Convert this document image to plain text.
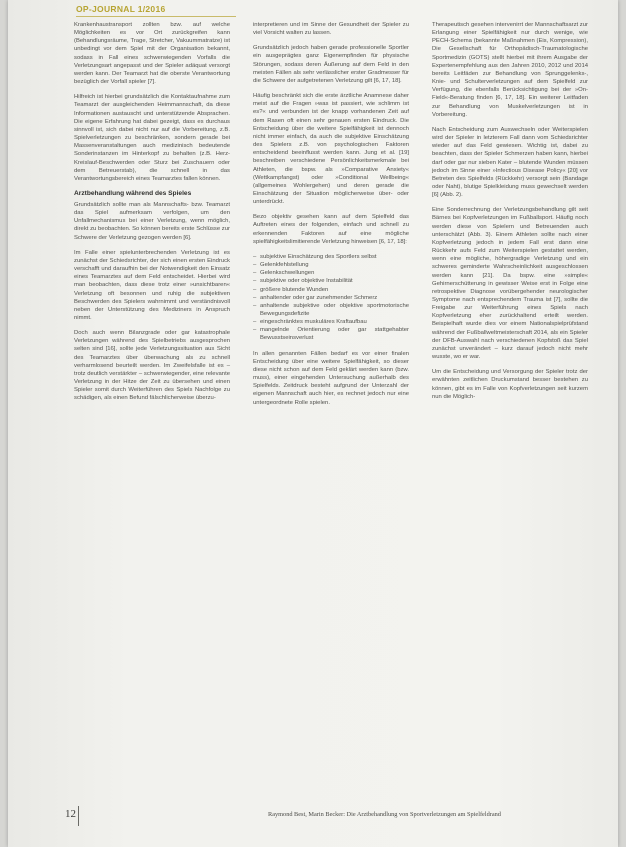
OP-JOURNAL 1/2016

Krankenhaustransport zollten bzw. auf welche Möglichkeiten es vor Ort zurückgreifen kann (Behandlungsräume, Trage, Stretcher, Vakuummatratze) ist unbedingt vor dem Spiel mit der Organisation bekannt, sodass in Fall eines schwerwiegenden Vorfalls die Verletzungsart angepasst und der Spieler adäquat versorgt werden kann. Der Teamarzt hat die oberste Verantwortung bezüglich der Vorfall spieler [7].

Hilfreich ist hierbei grundsätzlich die Kontaktaufnahme zum Teamarzt der ausgleichenden Heimmannschaft, da diese Informationen austauscht und unterstützende Absprachen. Die eigene Erfahrung hat dabei gezeigt, dass es durchaus sinnvoll ist, sich dabei nicht nur auf die Vorbereitung, z.B. Spielverletzungen zu beschränken, sondern gerade bei Massenveranstaltungen auch medizinisch bedeutende Sonderinstanzen im Hinterkopf zu behalten (z.B. Herz-Kreislauf-Beschwerden oder Sturz bei Zuschauern oder dem Betreuerstab), die schnell in das Verantwortungsbereich eines Teamarztes fallen können.

Arztbehandlung während des Spieles

Grundsätzlich sollte man als Mannschafts- bzw. Teamarzt das Spiel aufmerksam verfolgen, um den Unfallmechanismus bei einer Verletzung, wenn möglich, direkt zu beobachten. So können bereits erste Schlüsse zur Schwere der Verletzung gezogen werden [6].

Im Falle einer spielunterbrechenden Verletzung ist es zunächst der Schiedsrichter, der sich einen ersten Eindruck verschafft und daraufhin bei der Notwendigkeit den Einsatz eines Teamarztes auf dem Feld entscheidet. Hierbei wird man beobachten, dass diese trotz einer »unsichtbaren« Verletzung oft besonnen und ruhig die subjektiven Beschwerden des Spielers wahrnimmt und verständnisvoll neben der Unterstützung des Mediziners in Anspruch nimmt.

Doch auch wenn Bilanzgrade oder gar katastrophale Verletzungen während des Spielbetriebs ausgesprochen selten sind [16], sollte jede Verletzungssituation aus Sicht des Teamarztes über überwachung als zu schnell verharmlosend beurteilt werden. Im Zweifelsfalle ist es – trotz deutlich verstärkter – schwerwiegender, eine relevante Verletzung in der Hitze der Zeit zu übersehen und einen Spieler somit durch Weiterführen des Spiels Nachfolge zu schädigen, als einen Befund fälschlicherweise überzu-

interpretieren und im Sinne der Gesundheit der Spieler zu viel Vorsicht walten zu lassen.

Grundsätzlich jedoch haben gerade professionelle Sportler ein ausgeprägtes ganz Eigenempfinden für physische Störungen, sodass deren Äußerung auf dem Feld in den meisten Fällen als sehr verlässlicher erster Gradmesser für die Schwere der aufgetretenen Verletzung gilt [6, 17, 18].

Häufig beschränkt sich die erste ärztliche Anamnese daher meist auf die Fragen »was ist passiert, wie schlimm ist es?« und verbunden ist der knapp vorhandenen Zeit auf dem Rasen oft einen sehr genauen ersten Eindruck. Die Entscheidung über die weitere Spielfähigkeit ist dennoch nicht immer einfach, da auch die subjektive Einschätzung des Spielers z.B. von psychologischen Faktoren entscheidend beeinflusst werden kann. Jung et al. [19] beschreiben verschiedene Persönlichkeitsmerkmale bei Athleten, die bspw. als »Comparative Anxiety« (Wettkampfangst) oder »Conditional Wellbeing« (allgemeines Wohlergehen) und deren gerade die Einschätzung der Situation möglicherweise über- oder unterdrückt.

Bezo objektiv gesehen kann auf dem Spielfeld das Auftreten eines der folgenden, einfach und schnell zu erkennenden Faktoren auf eine mögliche spielfähigkeitslimitierende Verletzung hinweisen [6, 17, 18]:

– subjektive Einschätzung des Sportlers selbst
– Gelenkfehlstellung
– Gelenkschwellungen
– subjektive oder objektive Instabilität
– größere blutende Wunden
– anhaltender oder gar zunehmender Schmerz
– anhaltende subjektive oder objektive sportmotorische Bewegungsdefizite
– eingeschränktes muskuläres Kraftaufbau
– mangelnde Orientierung oder gar stattgehabter Bewusstseinsverlust

In allen genannten Fällen bedarf es vor einer finalen Entscheidung über eine weitere Spielfähigkeit, so dieser diese nicht schon auf dem Feld geklärt werden kann (bzw. muss), einer eingehenden Untersuchung außerhalb des Spielfelds. Zeitdruck besteht aufgrund der Unterzahl der eigenen Mannschaft auch hier, es rechnet jedoch nur eine untergeordnete Rolle spielen.

Therapeutisch gesehen intervenirrt der Mannschaftsarzt zur Erlangung einer Spielfähigkeit nur durch wenige, wie PECH-Schema (bekannte Maßnahmen (Eis, Kompression), Die Gesellschaft für Orthopädisch-Traumatologische Sportmedizin (GOTS) stellt hierbei mit ihrem Ausgabe der Expertenempfehlung aus den Jahren 2010, 2012 und 2014 bereits Leitfäden zur Behandlung von Sprunggelenks-, Knie- und Schulterverletzungen auf dem Spielfeld zur Verfügung, die ebenfalls Berücksichtigung bei der »On-Field«-Beratung finden [6, 17, 18]. Ein weiterer Leitfaden zur Behandlung von Muskelverletzungen ist in Vorbereitung.

Nach Entscheidung zum Auswechseln oder Weiterspielen wird der Spieler in letzterem Fall dann vom Schiedsrichter wieder auf das Feld gewiesen. Wichtig ist, dabei zu beachten, dass der Spieler Schmerzen haben kann, hierbei darf oder gar nur sieben Kater – blutende Wunden müssen jedoch im Sinne einer »Infectious Disease Policy« [20] vor Betreten des Spielfelds (Rückkehr) versorgt sein (Bandage oder Naht), blutige Spielkleidung muss gewechselt werden [6] (Abb. 2).

Eine Sonderrechnung der Verletzungsbehandlung gilt seit Bärnes bei Kopfverletzungen im Fußballsport. Häufig noch werden diese von Spielern und Betreuenden auch unterschätzt (Abb. 3). Einem Athleten sollte nach einer Kopfverletzung jedoch in jedem Fall erst dann eine Rückkehr aufs Feld zum Weiterspielen gestattet werden, wenn eine mögliche, höhergradige Verletzung und ein schweres geminderte Wahrscheinlichkeit ausgeschlossen werden kann [21]. Da bspw. eine »simple« Gehirnerschütterung in gewisser Weise erst in Folge eine retrospektive Diagnose vorübergehender neurologischer Symptome nach entsprechendem Trauma ist [7], sollte die Freigabe zur Weiterführung eines Spiels nach Kopfverletzung eher zurückhaltend erteilt werden. Beispielhaft wurde dies vor einem Nationalspielprüfstand während der Fußballweltmeisterschaft 2014, als ein Spieler der DFB-Auswahl nach verschiedenen Kopfstoß das Spiel zunächst unverändert – kurz darauf jedoch nicht mehr wusste, wo er war.

Um die Entscheidung und Versorgung der Spieler trotz der erwähnten zeitlichen Druckumstand besser bestehen zu können, gibt es im Falle von Kopfverletzungen seit kurzem nun die Möglich-

12	Raymond Best, Marin Becker: Die Arztbehandlung von Sportverletzungen am Spielfeldrand
